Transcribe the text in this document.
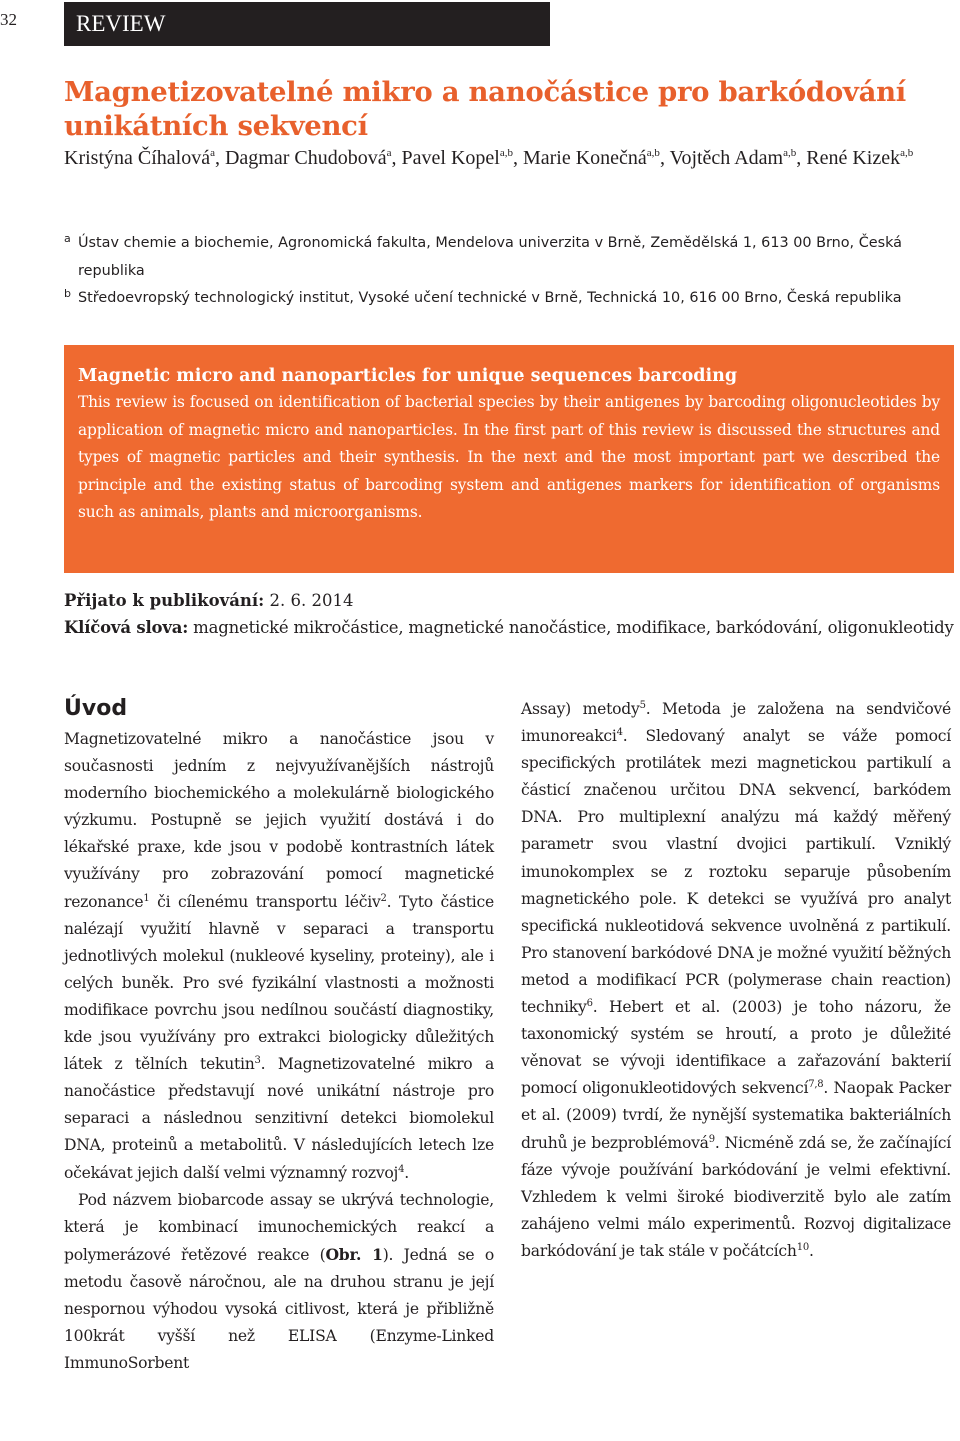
32	REVIEW
Magnetizovatelné mikro a nanočástice pro barkódování unikátních sekvencí
Kristýna Číhalová$^a$, Dagmar Chudobová$^a$, Pavel Kopel$^{a,b}$, Marie Konečná$^{a,b}$, Vojtěch Adam$^{a,b}$, René Kizek$^{a,b}$
a Ústav chemie a biochemie, Agronomická fakulta, Mendelova univerzita v Brně, Zemědělská 1, 613 00 Brno, Česká republika
b Středoevropský technologický institut, Vysoké učení technické v Brně, Technická 10, 616 00 Brno, Česká republika
Magnetic micro and nanoparticles for unique sequences barcoding
This review is focused on identification of bacterial species by their antigenes by barcoding oligonucleotides by application of magnetic micro and nanoparticles. In the first part of this review is discussed the structures and types of magnetic particles and their synthesis. In the next and the most important part we described the principle and the existing status of barcoding system and antigenes markers for identification of organisms such as animals, plants and microorganisms.
Přijato k publikování: 2. 6. 2014
Klíčová slova: magnetické mikročástice, magnetické nanočástice, modifikace, barkódování, oligonukleotidy
Úvod

Magnetizovatelné mikro a nanočástice jsou v současnosti jedním z nejvyužívanějších nástrojů moderního biochemického a molekulárně biologického výzkumu. Postupně se jejich využití dostává i do lékařské praxe, kde jsou v podobě kontrastních látek využívány pro zobrazování pomocí magnetické rezonance$^1$ či cílenému transportu léčiv$^2$. Tyto částice nalézají využití hlavně v separaci a transportu jednotlivých molekul (nukleové kyseliny, proteiny), ale i celých buněk. Pro své fyzikální vlastnosti a možnosti modifikace povrchu jsou nedílnou součástí diagnostiky, kde jsou využívány pro extrakci biologicky důležitých látek z tělních tekutin$^3$. Magnetizovatelné mikro a nanočástice představují nové unikátní nástroje pro separaci a následnou senzitivní detekci biomolekul DNA, proteinů a metabolitů. V následujících letech lze očekávat jejich další velmi významný rozvoj$^4$.

Pod názvem biobarcode assay se ukrývá technologie, která je kombinací imunochemických reakcí a polymerázové řetězové reakce (Obr. 1). Jedná se o metodu časově náročnou, ale na druhou stranu je její nespornou výhodou vysoká citlivost, která je přibližně 100krát vyšší než ELISA (Enzyme-Linked ImmunoSorbent

Assay) metody$^5$. Metoda je založena na sendvičové imunoreakci$^4$. Sledovaný analyt se váže pomocí specifických protilátek mezi magnetickou partikulí a částicí značenou určitou DNA sekvencí, barkódem DNA. Pro multiplexní analýzu má každý měřený parametr svou vlastní dvojici partikulí. Vzniklý imunokomplex se z roztoku separuje působením magnetického pole. K detekci se využívá pro analyt specifická nukleotidová sekvence uvolněná z partikulí. Pro stanovení barkódové DNA je možné využití běžných metod a modifikací PCR (polymerase chain reaction) techniky$^6$. Hebert et al. (2003) je toho názoru, že taxonomický systém se hroutí, a proto je důležité věnovat se vývoji identifikace a zařazování bakterií pomocí oligonukleotidových sekvencí$^{7,8}$. Naopak Packer et al. (2009) tvrdí, že nynější systematika bakteriálních druhů je bezproblémová$^9$. Nicméně zdá se, že začínající fáze vývoje používání barkódování je velmi efektivní. Vzhledem k velmi široké biodiverzitě bylo ale zatím zahájeno velmi málo experimentů. Rozvoj digitalizace barkódování je tak stále v počátcích$^{10}$.
